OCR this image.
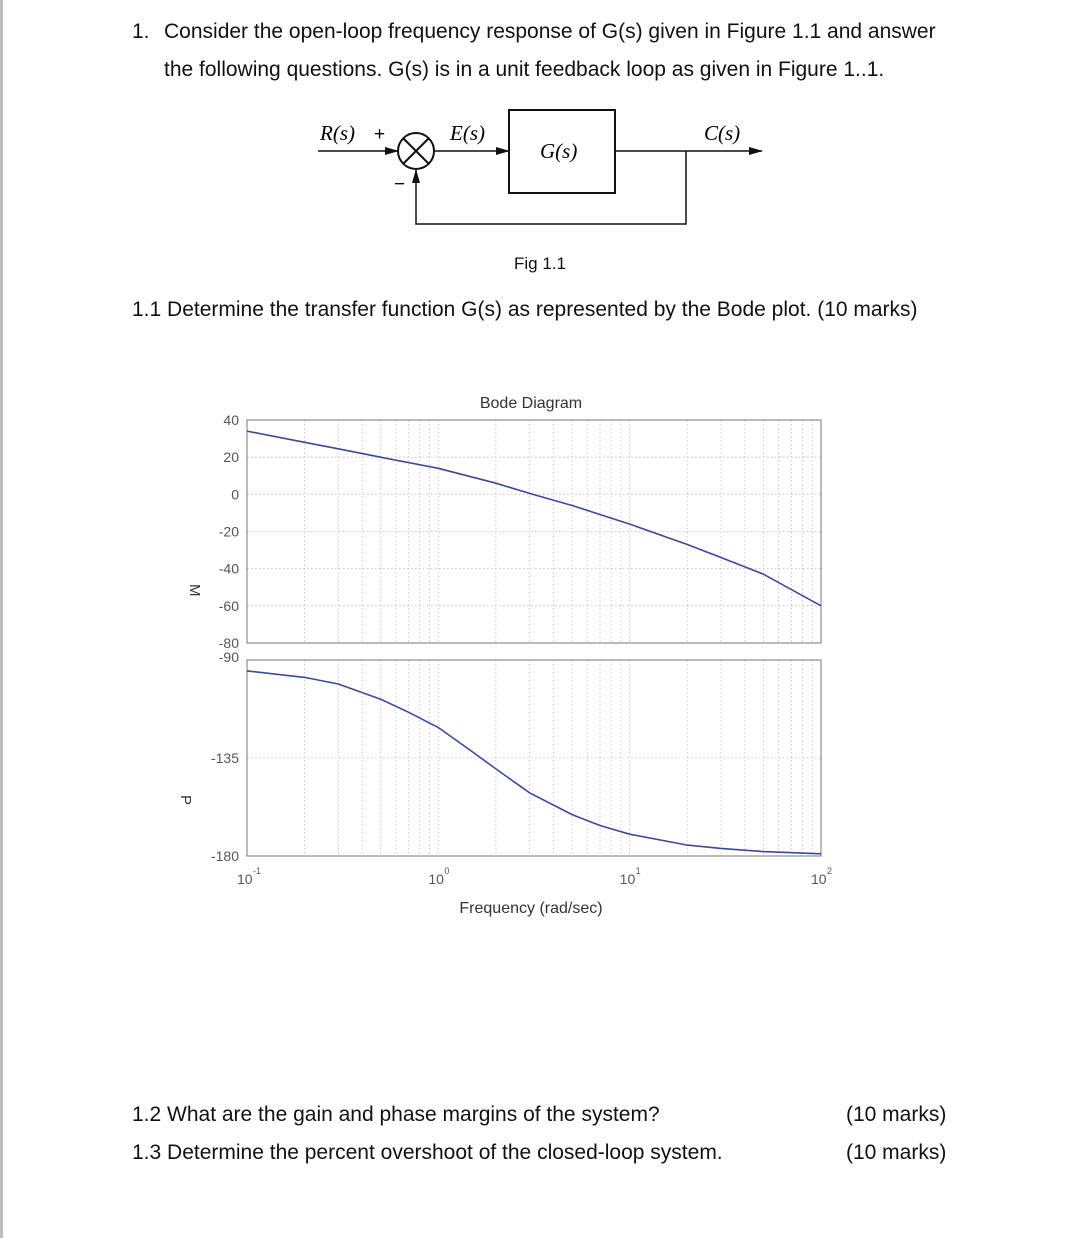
1. Consider the open-loop frequency response of G(s) given in Figure 1.1 and answer
the following questions. G(s) is in a unit feedback loop as given in Figure 1..1.
R(s) +	E(s)
G(s)
C(s)
−
Fig 1.1
1.1 Determine the transfer function G(s) as represented by the Bode plot. (10 marks)
Bode Diagram
40
20
0
-20
-40
-60
-80
-90
-135
-180
10 -1	10 0	10 1	10 2
M
P
Frequency (rad/sec)
1.2 What are the gain and phase margins of the system?	(10 marks)
1.3 Determine the percent overshoot of the closed-loop system.	(10 marks)
